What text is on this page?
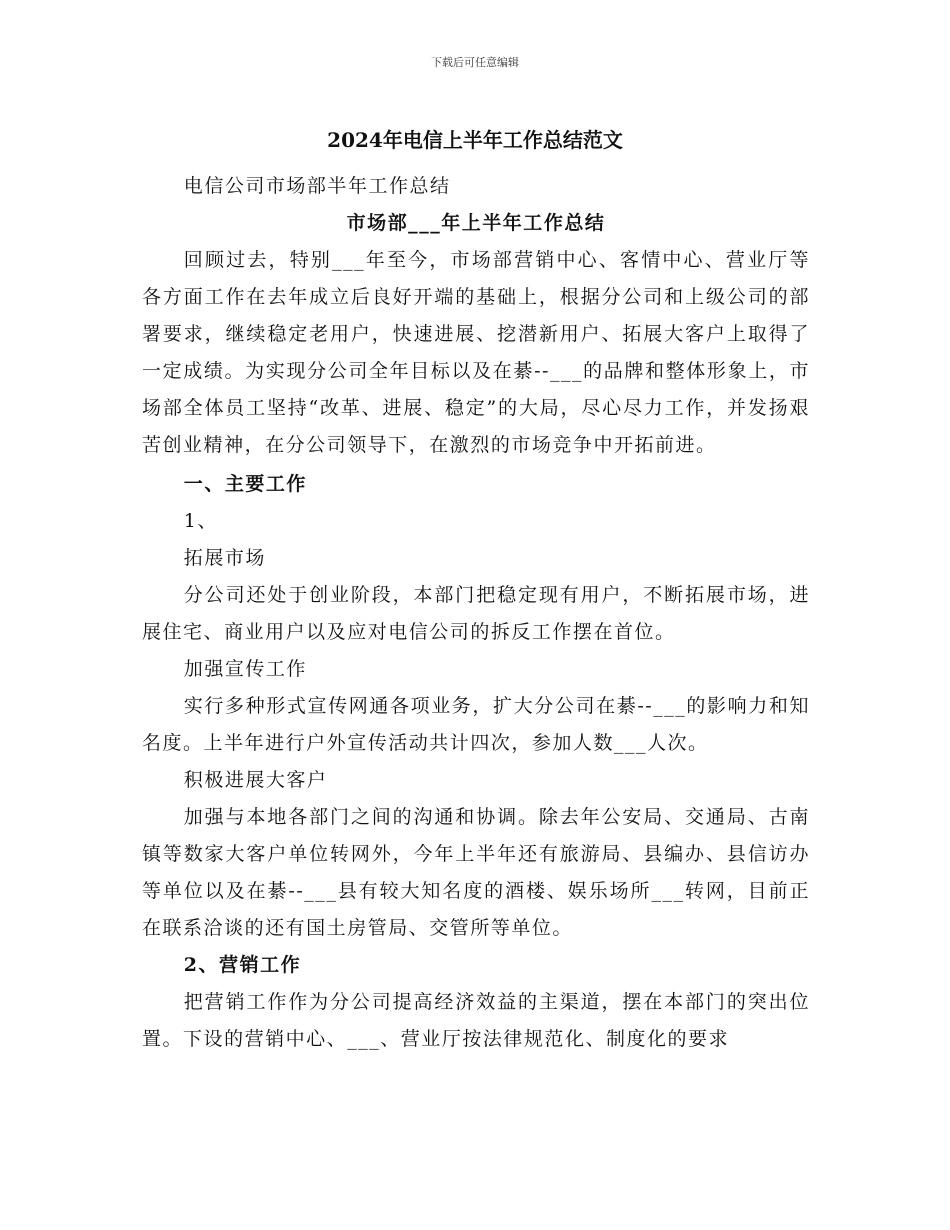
下载后可任意编辑
2024年电信上半年工作总结范文

电信公司市场部半年工作总结

市场部___年上半年工作总结

回顾过去，特别___年至今，市场部营销中心、客情中心、营业厅等各方面工作在去年成立后良好开端的基础上，根据分公司和上级公司的部署要求，继续稳定老用户，快速进展、挖潜新用户、拓展大客户上取得了一定成绩。为实现分公司全年目标以及在綦--___的品牌和整体形象上，市场部全体员工坚持“改革、进展、稳定”的大局，尽心尽力工作，并发扬艰苦创业精神，在分公司领导下，在激烈的市场竞争中开拓前进。

一、主要工作

1、

拓展市场

分公司还处于创业阶段，本部门把稳定现有用户，不断拓展市场，进展住宅、商业用户以及应对电信公司的拆反工作摆在首位。

加强宣传工作

实行多种形式宣传网通各项业务，扩大分公司在綦--___的影响力和知名度。上半年进行户外宣传活动共计四次，参加人数___人次。

积极进展大客户

加强与本地各部门之间的沟通和协调。除去年公安局、交通局、古南镇等数家大客户单位转网外，今年上半年还有旅游局、县编办、县信访办等单位以及在綦--___县有较大知名度的酒楼、娱乐场所___转网，目前正在联系洽谈的还有国土房管局、交管所等单位。

2、营销工作

把营销工作作为分公司提高经济效益的主渠道，摆在本部门的突出位置。下设的营销中心、___、营业厅按法律规范化、制度化的要求
